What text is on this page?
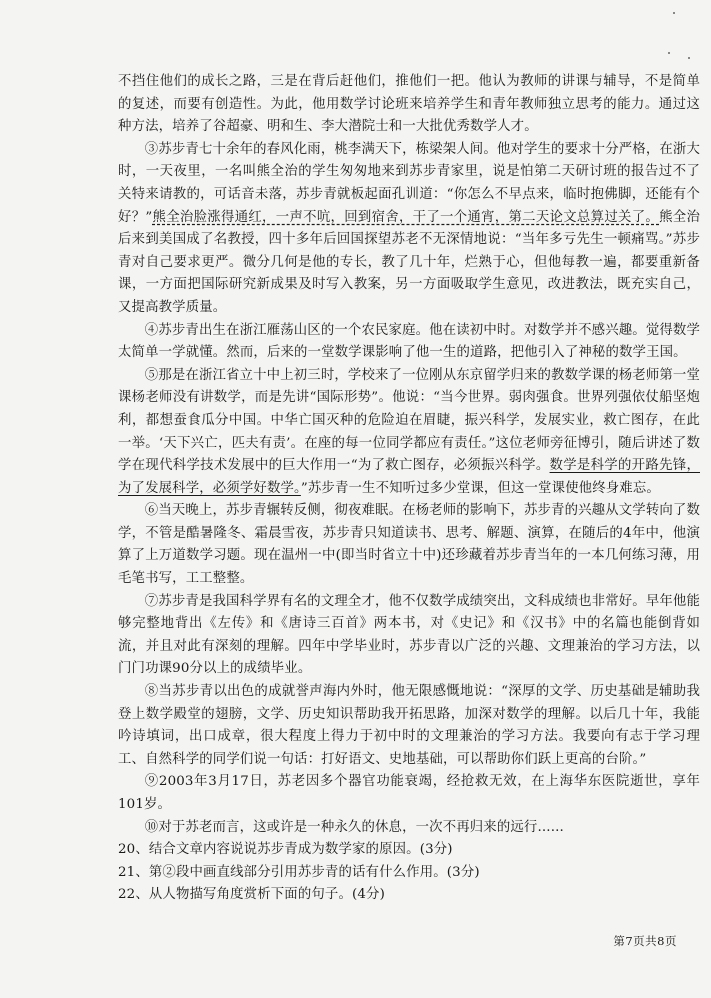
不挡住他们的成长之路，三是在背后赶他们，推他们一把。他认为教师的讲课与辅导，不是简单的复述，而要有创造性。为此，他用数学讨论班来培养学生和青年教师独立思考的能力。通过这种方法，培养了谷超豪、明和生、李大潜院士和一大批优秀数学人才。

③苏步青七十余年的春风化雨，桃李满天下，栋梁架人间。他对学生的要求十分严格，在浙大时，一天夜里，一名叫熊全治的学生匆匆地来到苏步青家里，说是怕第二天研讨班的报告过不了关特来请教的，可话音未落，苏步青就板起面孔训道：“你怎么不早点来，临时抱佛脚，还能有个好？”熊全治脸涨得通红，一声不吭，回到宿舍，干了一个通宵，第二天论文总算过关了。熊全治后来到美国成了名教授，四十多年后回国探望苏老不无深情地说：“当年多亏先生一顿痛骂。”苏步青对自己要求更严。微分几何是他的专长，教了几十年，烂熟于心，但他每教一遍，都要重新备课，一方面把国际研究新成果及时写入教案，另一方面吸取学生意见，改进教法，既充实自己，又提高教学质量。

④苏步青出生在浙江雁荡山区的一个农民家庭。他在读初中时。对数学并不感兴趣。觉得数学太简单一学就懂。然而，后来的一堂数学课影响了他一生的道路，把他引入了神秘的数学王国。

⑤那是在浙江省立十中上初三时，学校来了一位刚从东京留学归来的教数学课的杨老师第一堂课杨老师没有讲数学，而是先讲“国际形势”。他说：“当今世界。弱肉强食。世界列强依仗船坚炮利，都想蚕食瓜分中国。中华亡国灭种的危险迫在眉睫，振兴科学，发展实业，救亡图存，在此一举。‘天下兴亡，匹夫有责’。在座的每一位同学都应有责任。”这位老师旁征博引，随后讲述了数学在现代科学技术发展中的巨大作用一“为了救亡图存，必须振兴科学。数学是科学的开路先锋，为了发展科学，必须学好数学。”苏步青一生不知听过多少堂课，但这一堂课使他终身难忘。

⑥当天晚上，苏步青辗转反侧，彻夜难眠。在杨老师的影响下，苏步青的兴趣从文学转向了数学，不管是酷暑隆冬、霜晨雪夜，苏步青只知道读书、思考、解题、演算，在随后的4年中，他演算了上万道数学习题。现在温州一中(即当时省立十中)还珍藏着苏步青当年的一本几何练习薄，用毛笔书写，工工整整。

⑦苏步青是我国科学界有名的文理全才，他不仅数学成绩突出，文科成绩也非常好。早年他能够完整地背出《左传》和《唐诗三百首》两本书，对《史记》和《汉书》中的名篇也能倒背如流，并且对此有深刻的理解。四年中学毕业时，苏步青以广泛的兴趣、文理兼治的学习方法，以门门功课90分以上的成绩毕业。

⑧当苏步青以出色的成就誉声海内外时，他无限感慨地说：“深厚的文学、历史基础是辅助我登上数学殿堂的翅膀，文学、历史知识帮助我开拓思路，加深对数学的理解。以后几十年，我能吟诗填词，出口成章，很大程度上得力于初中时的文理兼治的学习方法。我要向有志于学习理工、自然科学的同学们说一句话：打好语文、史地基础，可以帮助你们跃上更高的台阶。”

⑨2003年3月17日，苏老因多个器官功能衰竭，经抢救无效，在上海华东医院逝世，享年101岁。

⑩对于苏老而言，这或许是一种永久的休息，一次不再归来的远行......

20、结合文章内容说说苏步青成为数学家的原因。(3分)

21、第②段中画直线部分引用苏步青的话有什么作用。(3分)

22、从人物描写角度赏析下面的句子。(4分)

第7页共8页
